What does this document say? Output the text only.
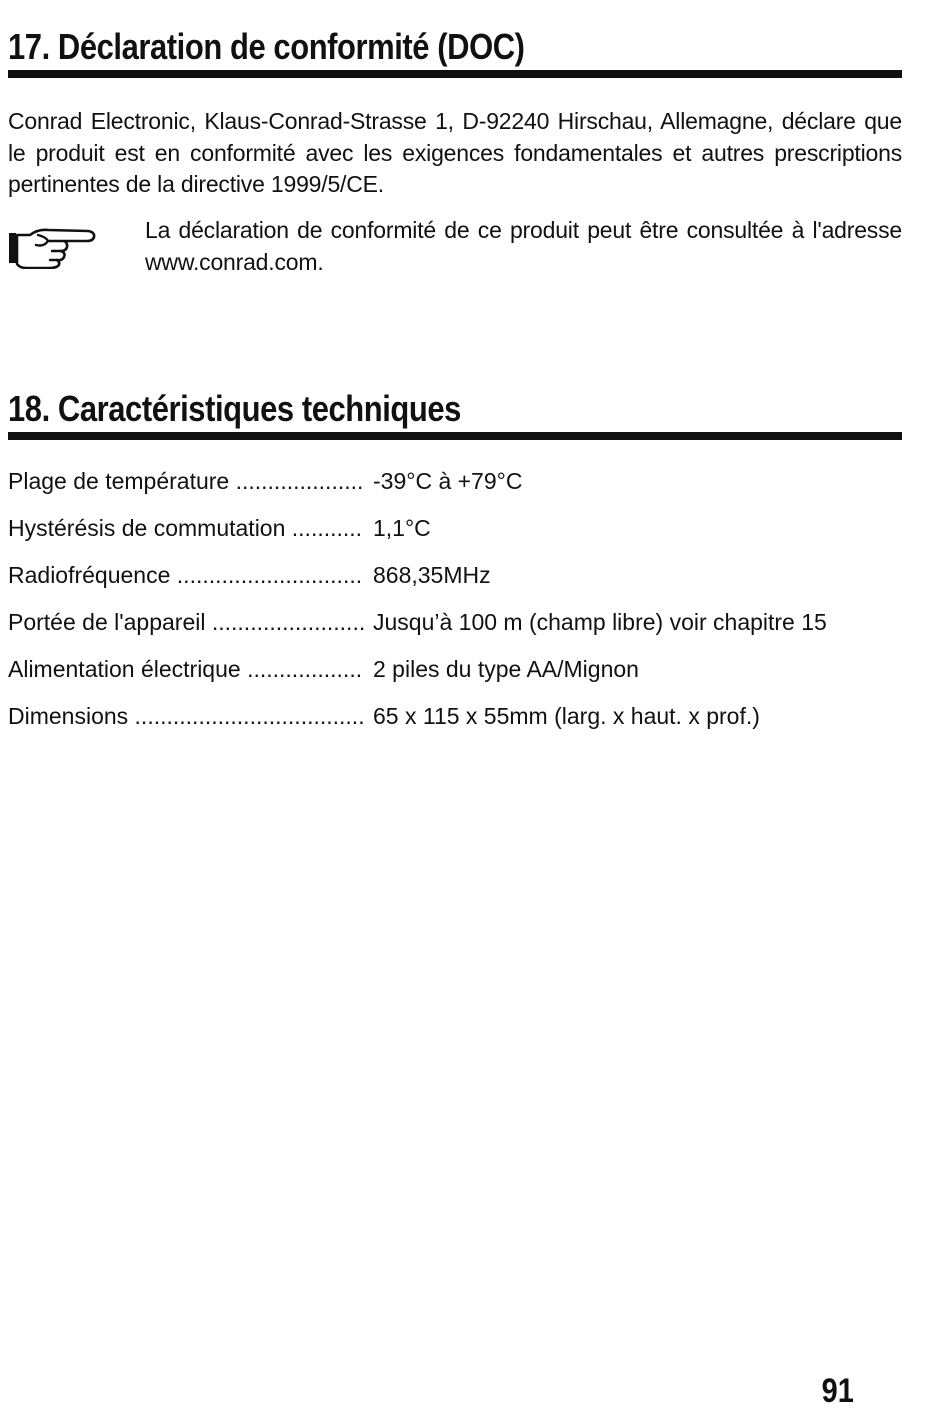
17. Déclaration de conformité (DOC)
Conrad Electronic, Klaus-Conrad-Strasse 1, D-92240 Hirschau, Allemagne, déclare que le produit est en conformité avec les exigences fondamentales et autres prescriptions pertinentes de la directive 1999/5/CE.
La déclaration de conformité de ce produit peut être consultée à l'adresse www.conrad.com.
18. Caractéristiques techniques
Plage de température .................... -39°C à +79°C
Hystérésis de commutation ........... 1,1°C
Radiofréquence ............................. 868,35MHz
Portée de l'appareil ........................ Jusqu’à 100 m (champ libre) voir chapitre 15
Alimentation électrique .................. 2 piles du type AA/Mignon
Dimensions .................................... 65 x 115 x 55mm (larg. x haut. x prof.)
91
